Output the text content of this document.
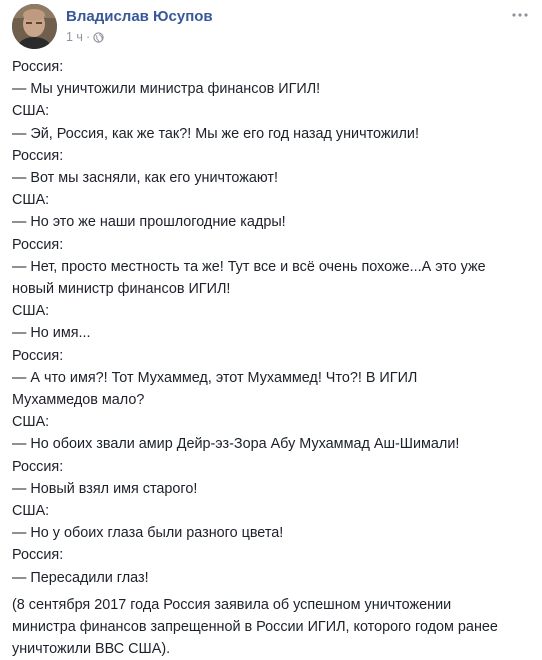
Владислав Юсупов
1 ч ·
Россия:
— Мы уничтожили министра финансов ИГИЛ!
США:
— Эй, Россия, как же так?! Мы же его год назад уничтожили!
Россия:
— Вот мы засняли, как его уничтожают!
США:
— Но это же наши прошлогодние кадры!
Россия:
— Нет, просто местность та же! Тут все и всё очень похоже...А это уже
новый министр финансов ИГИЛ!
США:
— Но имя...
Россия:
— А что имя?! Тот Мухаммед, этот Мухаммед! Что?! В ИГИЛ
Мухаммедов мало?
США:
— Но обоих звали амир Дейр-эз-Зора Абу Мухаммад Аш-Шимали!
Россия:
— Новый взял имя старого!
США:
— Но у обоих глаза были разного цвета!
Россия:
— Пересадили глаз!
(8 сентября 2017 года Россия заявила об успешном уничтожении
министра финансов запрещенной в России ИГИЛ, которого годом ранее
уничтожили ВВС США).
